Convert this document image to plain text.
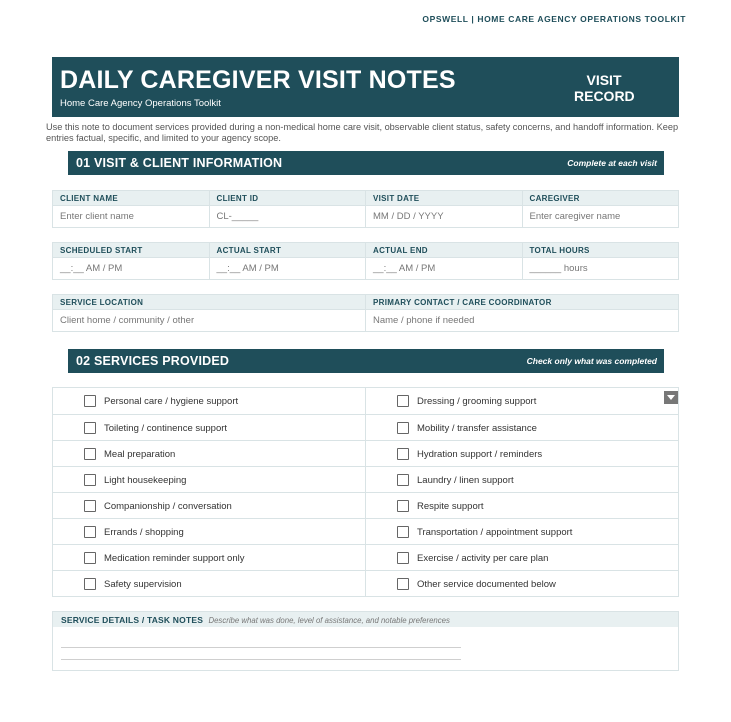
OPSWELL | HOME CARE AGENCY OPERATIONS TOOLKIT
DAILY CAREGIVER VISIT NOTES
Home Care Agency Operations Toolkit
VISIT
RECORD
Use this note to document services provided during a non-medical home care visit, observable client status, safety concerns, and handoff information. Keep entries factual, specific, and limited to your agency scope.
01 VISIT & CLIENT INFORMATION	Complete at each visit
CLIENT NAME
Enter client name
CLIENT ID
CL-_____
VISIT DATE
MM / DD / YYYY
CAREGIVER
Enter caregiver name
SCHEDULED START
__:__ AM / PM
ACTUAL START
__:__ AM / PM
ACTUAL END
__:__ AM / PM
TOTAL HOURS
______ hours
SERVICE LOCATION
Client home / community / other
PRIMARY CONTACT / CARE COORDINATOR
Name / phone if needed
02 SERVICES PROVIDED	Check only what was completed
Personal care / hygiene support	Dressing / grooming support
Toileting / continence support	Mobility / transfer assistance
Meal preparation	Hydration support / reminders
Light housekeeping	Laundry / linen support
Companionship / conversation	Respite support
Errands / shopping	Transportation / appointment support
Medication reminder support only	Exercise / activity per care plan
Safety supervision	Other service documented below
SERVICE DETAILS / TASK NOTES Describe what was done, level of assistance, and notable preferences
